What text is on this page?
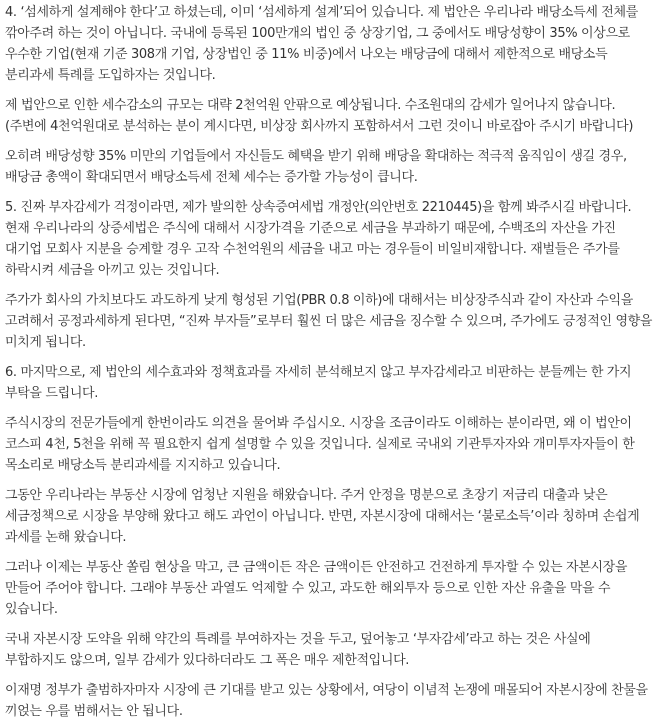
4. ‘섬세하게 설계해야 한다’고 하셨는데, 이미 ‘섬세하게 설계’되어 있습니다. 제 법안은 우리나라 배당소득세 전체를 깎아주려 하는 것이 아닙니다. 국내에 등록된 100만개의 법인 중 상장기업, 그 중에서도 배당성향이 35% 이상으로 우수한 기업(현재 기준 308개 기업, 상장법인 중 11% 비중)에서 나오는 배당금에 대해서 제한적으로 배당소득 분리과세 특례를 도입하자는 것입니다.

제 법안으로 인한 세수감소의 규모는 대략 2천억원 안팎으로 예상됩니다. 수조원대의 감세가 일어나지 않습니다. (주변에 4천억원대로 분석하는 분이 계시다면, 비상장 회사까지 포함하셔서 그런 것이니 바로잡아 주시기 바랍니다)

오히려 배당성향 35% 미만의 기업들에서 자신들도 혜택을 받기 위해 배당을 확대하는 적극적 움직임이 생길 경우, 배당금 총액이 확대되면서 배당소득세 전체 세수는 증가할 가능성이 큽니다.

5. 진짜 부자감세가 걱정이라면, 제가 발의한 상속증여세법 개정안(의안번호 2210445)을 함께 봐주시길 바랍니다. 현재 우리나라의 상증세법은 주식에 대해서 시장가격을 기준으로 세금을 부과하기 때문에, 수백조의 자산을 가진 대기업 모회사 지분을 승계할 경우 고작 수천억원의 세금을 내고 마는 경우들이 비일비재합니다. 재벌들은 주가를 하락시켜 세금을 아끼고 있는 것입니다.

주가가 회사의 가치보다도 과도하게 낮게 형성된 기업(PBR 0.8 이하)에 대해서는 비상장주식과 같이 자산과 수익을 고려해서 공정과세하게 된다면, “진짜 부자들”로부터 훨씬 더 많은 세금을 징수할 수 있으며, 주가에도 긍정적인 영향을 미치게 됩니다.

6. 마지막으로, 제 법안의 세수효과와 정책효과를 자세히 분석해보지 않고 부자감세라고 비판하는 분들께는 한 가지 부탁을 드립니다.

주식시장의 전문가들에게 한번이라도 의견을 물어봐 주십시오. 시장을 조금이라도 이해하는 분이라면, 왜 이 법안이 코스피 4천, 5천을 위해 꼭 필요한지 쉽게 설명할 수 있을 것입니다. 실제로 국내외 기관투자자와 개미투자자들이 한 목소리로 배당소득 분리과세를 지지하고 있습니다.

그동안 우리나라는 부동산 시장에 엄청난 지원을 해왔습니다. 주거 안정을 명분으로 초장기 저금리 대출과 낮은 세금정책으로 시장을 부양해 왔다고 해도 과언이 아닙니다. 반면, 자본시장에 대해서는 ‘불로소득’이라 칭하며 손쉽게 과세를 논해 왔습니다.

그러나 이제는 부동산 쏠림 현상을 막고, 큰 금액이든 작은 금액이든 안전하고 건전하게 투자할 수 있는 자본시장을 만들어 주어야 합니다. 그래야 부동산 과열도 억제할 수 있고, 과도한 해외투자 등으로 인한 자산 유출을 막을 수 있습니다.

국내 자본시장 도약을 위해 약간의 특례를 부여하자는 것을 두고, 덮어놓고 ‘부자감세’라고 하는 것은 사실에 부합하지도 않으며, 일부 감세가 있다하더라도 그 폭은 매우 제한적입니다.

이재명 정부가 출범하자마자 시장에 큰 기대를 받고 있는 상황에서, 여당이 이념적 논쟁에 매몰되어 자본시장에 찬물을 끼얹는 우를 범해서는 안 됩니다.
